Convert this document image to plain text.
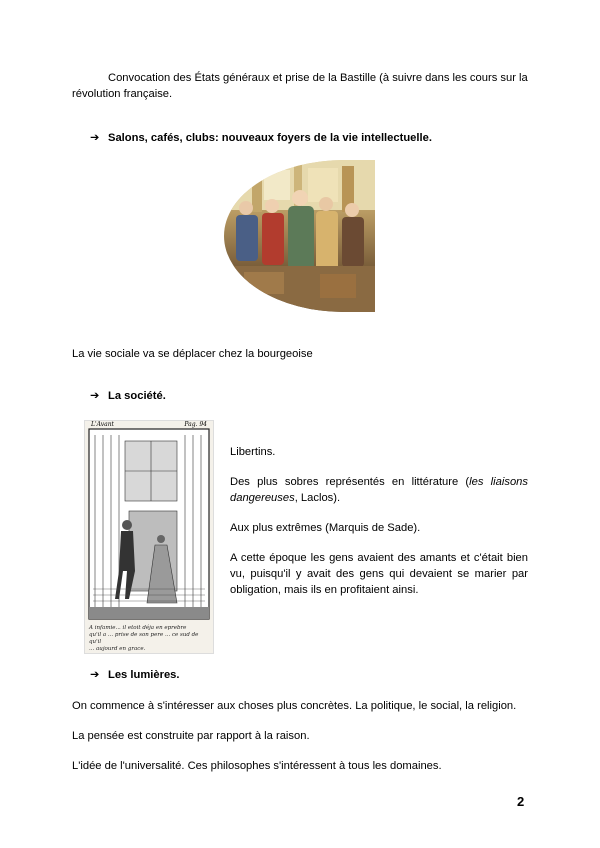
Convocation des États généraux et prise de la Bastille (à suivre dans les cours sur la
révolution française.
➔ Salons, cafés, clubs: nouveaux foyers de la vie intellectuelle.
La vie sociale va se déplacer chez la bourgeoise
➔ La société.
L'Avant	Pag. 94
A infamie... il etoit déja en eprebre
qu'il a ... prise de son pere ... ce sud de qu'il
... aujourd en grace.
Libertins.
Des plus sobres représentés en littérature (les liaisons dangereuses, Laclos).
Aux plus extrêmes (Marquis de Sade).
A cette époque les gens avaient des amants et c'était bien vu, puisqu'il y avait des gens qui devaient se marier par obligation, mais ils en profitaient ainsi.
➔ Les lumières.
On commence à s'intéresser aux choses plus concrètes. La politique, le social, la religion.
La pensée est construite par rapport à la raison.
L'idée de l'universalité. Ces philosophes s'intéressent à tous les domaines.
2
